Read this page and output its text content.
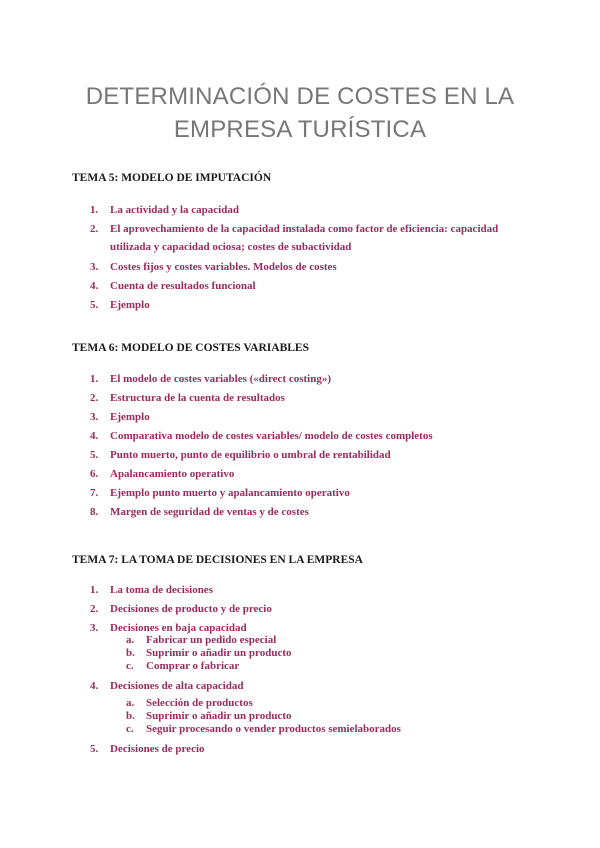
DETERMINACIÓN DE COSTES EN LA
EMPRESA TURÍSTICA
TEMA 5: MODELO DE IMPUTACIÓN
1. La actividad y la capacidad
2. El aprovechamiento de la capacidad instalada como factor de eficiencia: capacidad
utilizada y capacidad ociosa; costes de subactividad
3. Costes fijos y costes variables. Modelos de costes
4. Cuenta de resultados funcional
5. Ejemplo
TEMA 6: MODELO DE COSTES VARIABLES
1. El modelo de costes variables («direct costing»)
2. Estructura de la cuenta de resultados
3. Ejemplo
4. Comparativa modelo de costes variables/ modelo de costes completos
5. Punto muerto, punto de equilibrio o umbral de rentabilidad
6. Apalancamiento operativo
7. Ejemplo punto muerto y apalancamiento operativo
8. Margen de seguridad de ventas y de costes
TEMA 7: LA TOMA DE DECISIONES EN LA EMPRESA
1. La toma de decisiones
2. Decisiones de producto y de precio
3. Decisiones en baja capacidad
a. Fabricar un pedido especial
b. Suprimir o añadir un producto
c. Comprar o fabricar
4. Decisiones de alta capacidad
a. Selección de productos
b. Suprimir o añadir un producto
c. Seguir procesando o vender productos semielaborados
5. Decisiones de precio
